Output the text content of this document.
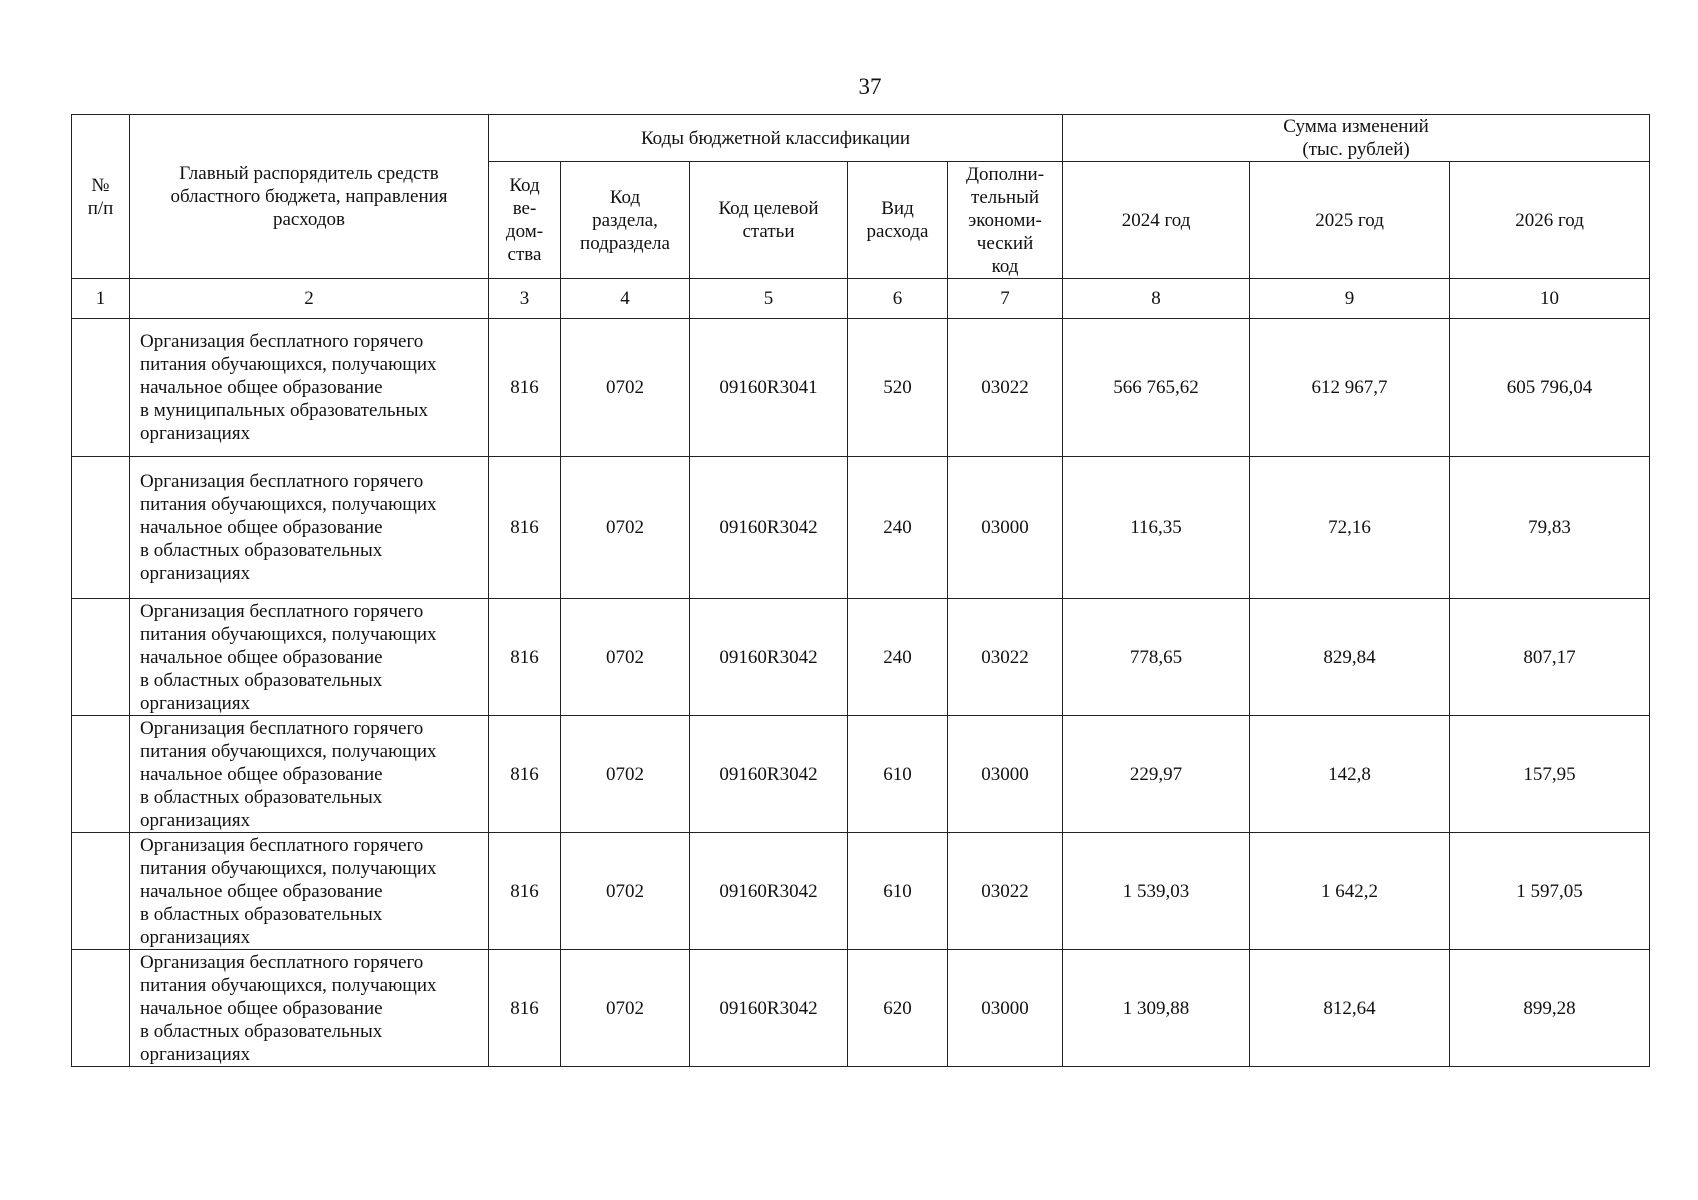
37
№
п/п	Главный распорядитель средств
областного бюджета, направления
расходов	Коды бюджетной классификации					Сумма изменений
(тыс. рублей)		

		Код
ве-
дом-
ства	Код
раздела,
подраздела	Код целевой
статьи	Вид
расхода	Дополни-
тельный
экономи-
ческий
код	2024 год	2025 год	2026 год
1	2	3	4	5	6	7	8	9	10

	Организация бесплатного горячего
питания обучающихся, получающих
начальное общее образование
в муниципальных образовательных
организациях	816	0702	09160R3041	520	03022	566 765,62	612 967,7	605 796,04

	Организация бесплатного горячего
питания обучающихся, получающих
начальное общее образование
в областных образовательных
организациях	816	0702	09160R3042	240	03000	116,35	72,16	79,83

	Организация бесплатного горячего
питания обучающихся, получающих
начальное общее образование
в областных образовательных
организациях	816	0702	09160R3042	240	03022	778,65	829,84	807,17

	Организация бесплатного горячего
питания обучающихся, получающих
начальное общее образование
в областных образовательных
организациях	816	0702	09160R3042	610	03000	229,97	142,8	157,95

	Организация бесплатного горячего
питания обучающихся, получающих
начальное общее образование
в областных образовательных
организациях	816	0702	09160R3042	610	03022	1 539,03	1 642,2	1 597,05

	Организация бесплатного горячего
питания обучающихся, получающих
начальное общее образование
в областных образовательных
организациях	816	0702	09160R3042	620	03000	1 309,88	812,64	899,28
